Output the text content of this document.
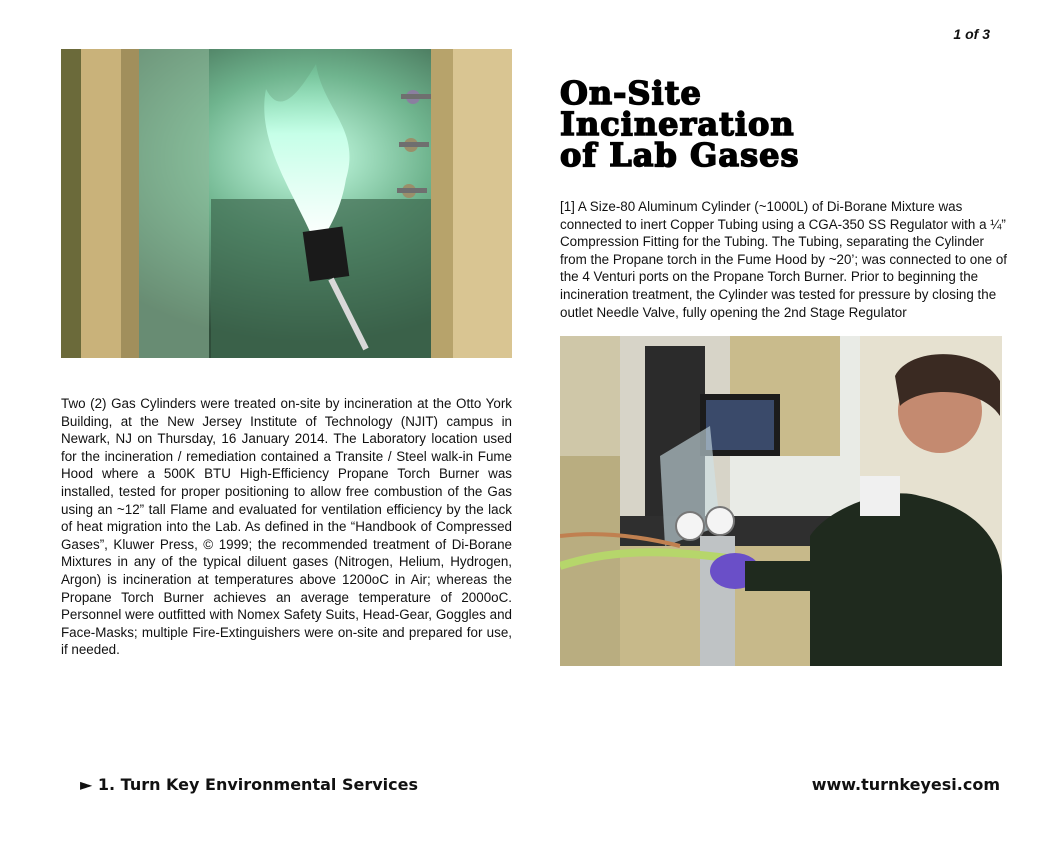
1 of 3
On-Site
Incineration
of Lab Gases

[1] A Size-80 Aluminum Cylinder (~1000L) of Di-Borane Mixture was connected to inert Copper Tubing using a CGA-350 SS Regulator with a ¼” Compression Fitting for the Tubing. The Tubing, separating the Cylinder from the Propane torch in the Fume Hood by ~20’; was connected to one of the 4 Venturi ports on the Propane Torch Burner. Prior to beginning the incineration treatment, the Cylinder was tested for pressure by closing the outlet Needle Valve, fully opening the 2nd Stage Regulator

Two (2) Gas Cylinders were treated on-site by incineration at the Otto York Building, at the New Jersey Institute of Technology (NJIT) campus in Newark, NJ on Thursday, 16 January 2014. The Laboratory location used for the incineration / remediation contained a Transite / Steel walk-in Fume Hood where a 500K BTU High-Efficiency Propane Torch Burner was installed, tested for proper positioning to allow free combustion of the Gas using an ~12” tall Flame and evaluated for ventilation efficiency by the lack of heat migration into the Lab. As defined in the “Handbook of Compressed Gases”, Kluwer Press, © 1999; the recommended treatment of Di-Borane Mixtures in any of the typical diluent gases (Nitrogen, Helium, Hydrogen, Argon) is incineration at temperatures above 1200oC in Air; whereas the Propane Torch Burner achieves an average temperature of 2000oC. Personnel were outfitted with Nomex Safety Suits, Head-Gear, Goggles and Face-Masks; multiple Fire-Extinguishers were on-site and prepared for use, if needed.

► 1. Turn Key Environmental Services	www.turnkeyesi.com
